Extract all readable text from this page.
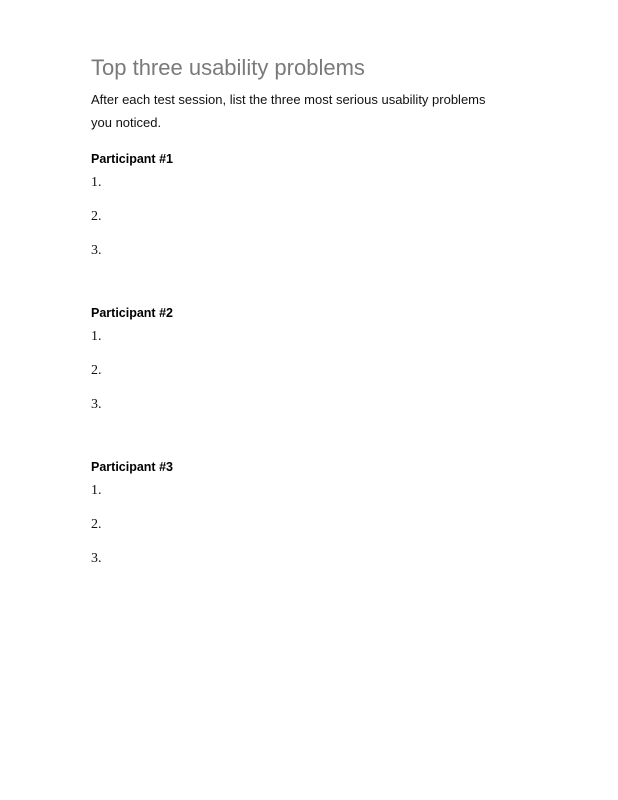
Top three usability problems

After each test session, list the three most serious usability problems you noticed.

Participant #1
1.
2.
3.
Participant #2
1.
2.
3.
Participant #3
1.
2.
3.
